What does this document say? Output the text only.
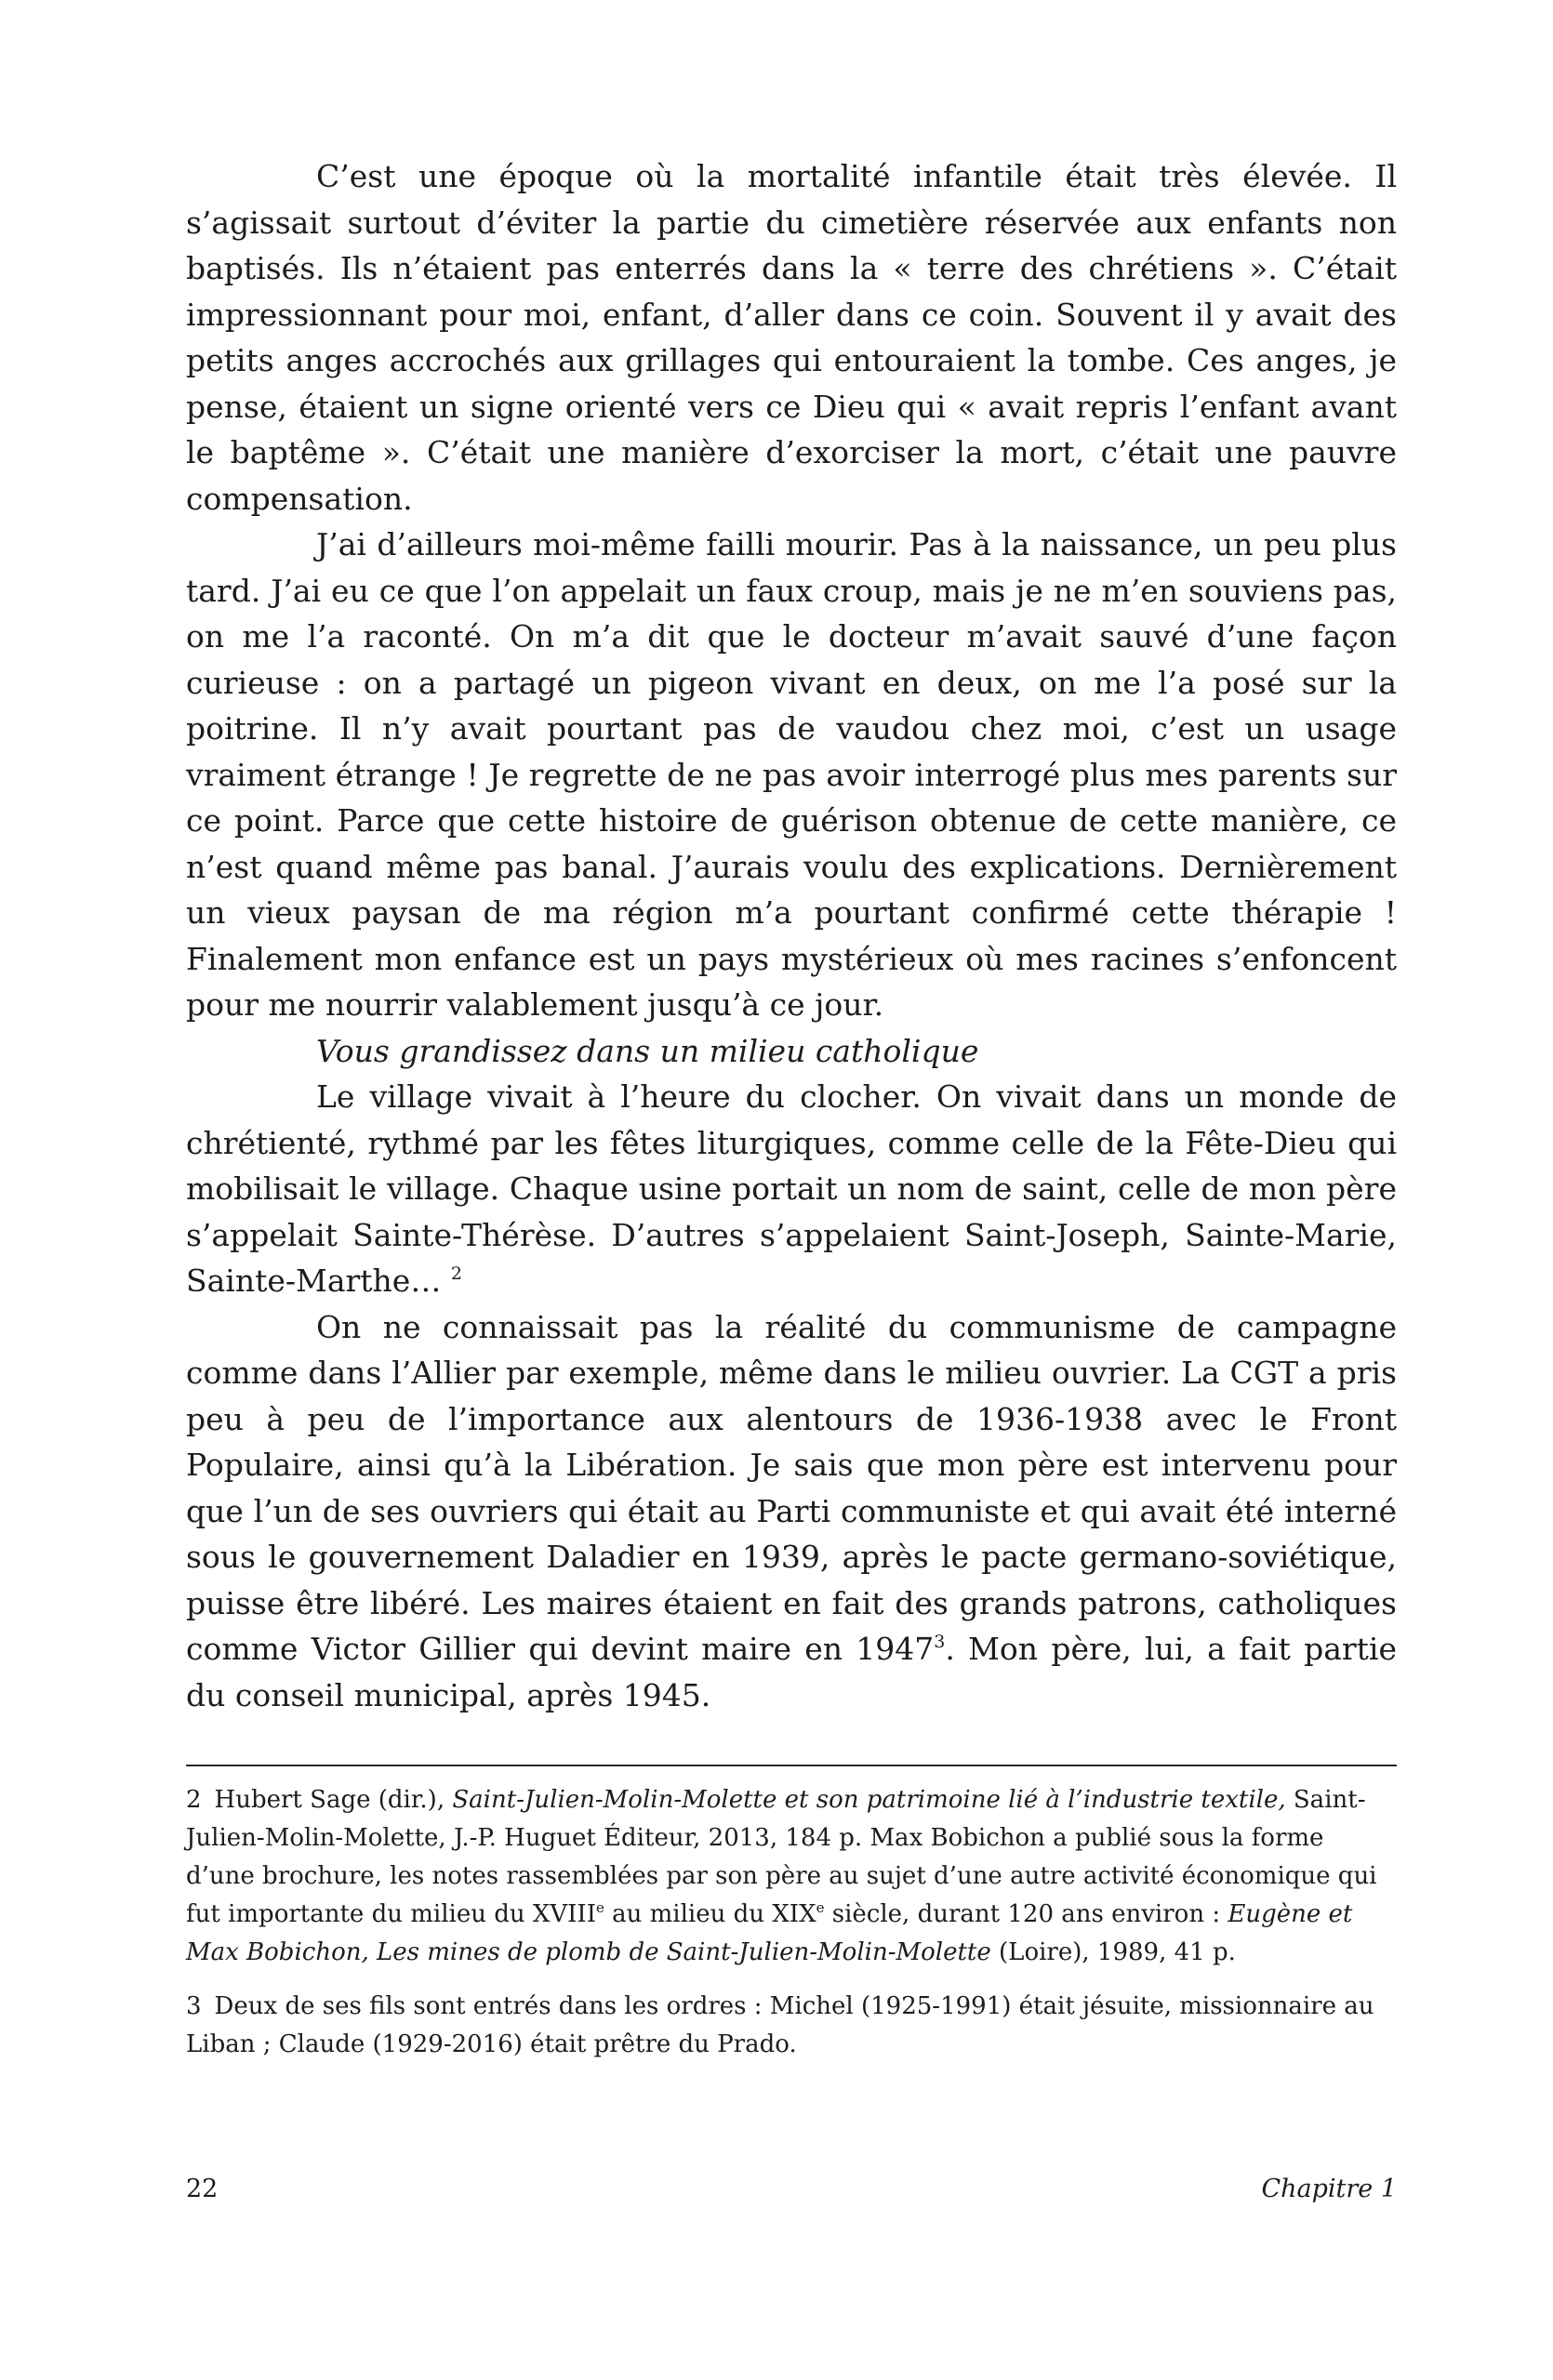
C’est une époque où la mortalité infantile était très élevée. Il s’agissait surtout d’éviter la partie du cimetière réservée aux enfants non baptisés. Ils n’étaient pas enterrés dans la « terre des chrétiens ». C’était impressionnant pour moi, enfant, d’aller dans ce coin. Souvent il y avait des petits anges accrochés aux grillages qui entouraient la tombe. Ces anges, je pense, étaient un signe orienté vers ce Dieu qui « avait repris l’enfant avant le baptême ». C’était une manière d’exorciser la mort, c’était une pauvre compensation.

J’ai d’ailleurs moi-même failli mourir. Pas à la naissance, un peu plus tard. J’ai eu ce que l’on appelait un faux croup, mais je ne m’en souviens pas, on me l’a raconté. On m’a dit que le docteur m’avait sauvé d’une façon curieuse : on a partagé un pigeon vivant en deux, on me l’a posé sur la poitrine. Il n’y avait pourtant pas de vaudou chez moi, c’est un usage vraiment étrange ! Je regrette de ne pas avoir interrogé plus mes parents sur ce point. Parce que cette histoire de guérison obtenue de cette manière, ce n’est quand même pas banal. J’aurais voulu des explications. Dernièrement un vieux paysan de ma région m’a pourtant confirmé cette thérapie ! Finalement mon enfance est un pays mystérieux où mes racines s’enfoncent pour me nourrir valablement jusqu’à ce jour.

Vous grandissez dans un milieu catholique

Le village vivait à l’heure du clocher. On vivait dans un monde de chrétienté, rythmé par les fêtes liturgiques, comme celle de la Fête-Dieu qui mobilisait le village. Chaque usine portait un nom de saint, celle de mon père s’appelait Sainte-Thérèse. D’autres s’appelaient Saint-Joseph, Sainte-Marie, Sainte-Marthe… $^2$

On ne connaissait pas la réalité du communisme de campagne comme dans l’Allier par exemple, même dans le milieu ouvrier. La CGT a pris peu à peu de l’importance aux alentours de 1936-1938 avec le Front Populaire, ainsi qu’à la Libération. Je sais que mon père est intervenu pour que l’un de ses ouvriers qui était au Parti communiste et qui avait été interné sous le gouvernement Daladier en 1939, après le pacte germano-soviétique, puisse être libéré. Les maires étaient en fait des grands patrons, catholiques comme Victor Gillier qui devint maire en 1947$^3$. Mon père, lui, a fait partie du conseil municipal, après 1945.

2 Hubert Sage (dir.), Saint-Julien-Molin-Molette et son patrimoine lié à l’industrie textile, Saint-Julien-Molin-Molette, J.-P. Huguet Éditeur, 2013, 184 p. Max Bobichon a publié sous la forme d’une brochure, les notes rassemblées par son père au sujet d’une autre activité économique qui fut importante du milieu du XVIIIe au milieu du XIXe siècle, durant 120 ans environ : Eugène et Max Bobichon, Les mines de plomb de Saint-Julien-Molin-Molette (Loire), 1989, 41 p.

3 Deux de ses fils sont entrés dans les ordres : Michel (1925-1991) était jésuite, missionnaire au Liban ; Claude (1929-2016) était prêtre du Prado.

22	Chapitre 1
